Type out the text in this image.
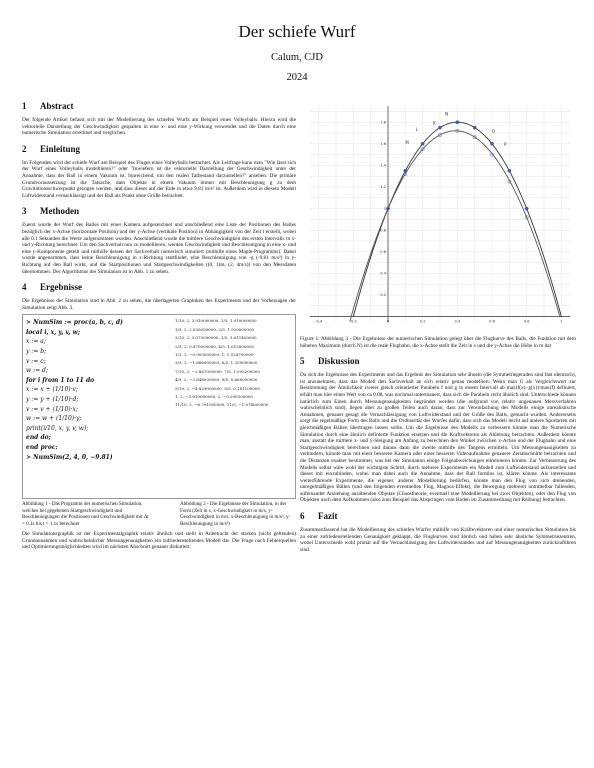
Der schiefe Wurf
Calum, CJD
2024
1 Abstract

Der folgende Artikel befasst sich mit der Modellierung des schiefen Wurfs am Beispiel eines Volleyballs. Hierzu wird die vektorielle Darstellung der Geschwindigkeit gespalten in eine x- und eine y-Wirkung verwendet und die Daten durch eine numerische Simulation errechnet und verglichen.

2 Einleitung

Im Folgenden wird der schiefe Wurf am Beispiel des Fluges eines Volleyballs betrachtet. Als Leitfrage kann man "Wie lässt sich der Wurf eines Volleyballs modellieren?" oder "Inwiefern ist die vektorielle Darstellung der Geschwindigkeit unter der Annahme, dass der Ball in einem Vakuum ist, hinreichend, um den realen Tatbestand darzustellen?" ansehen. Die primäre Grundvoraussetzung ist die Tatsache, dass Objekte in einem Vakuum immer mit Beschleunigung g zu dem Gravitationsschwerpunkt gezogen werden, und dass dieser auf der Erde in etwa 9.81 m/s² ist. Außerdem wird in diesem Modell Luftwiderstand vernachlässigt und der Ball als Punkt ohne Größe betrachtet.

3 Methoden

Zuerst wurde der Wurf des Balles mit einer Kamera aufgezeichnet und anschließend eine Liste der Positionen des Balles bezüglich der x-Achse (horizontale Position) und der y-Achse (vertikale Position) in Abhängigkeit von der Zeit t erstellt, wobei alle 0.1 Sekunden die Werte aufgenommen wurden. Anschließend wurde die mittlere Geschwindigkeit des ersten Intervalls in x- und y-Richtung berechnet. Um den Sachverhalt nun zu modellieren, werden Geschwindigkeit und Beschleunigung in eine x- und eine y-Komponente geteilt und mithilfe dessen der Sachverhalt numerisch simuliert (mithilfe eines Maple-Programms). Dabei wurde angenommen, dass keine Beschleunigung in x-Richtung stattfindet, eine Beschleunigung von -g (-9.81 m/s²) in y-Richtung auf den Ball wirkt, und die Startpositionen und Startgeschwindigkeiten ((0, 1)m, (2, 4m/s)) von den Messdaten übernommen. Der Algorithmus der Simulation ist in Abb. 1 zu sehen.

4 Ergebnisse

Die Ergebnisse der Simulation sind in Abb. 2 zu sehen, die überlagerten Graphiken des Experiments und der Vorhersagen der Simulation zeigt Abb. 3.

> NumSim := proc(a, b, c, d)
local i, x, y, v, w;
x := a;
y := b;
v := c;
w := d;
for i from 1 to 11 do
x := x + (1/10)·v;
y := y + (1/10)·d;
v := v + (1/10)·x;
w := w + (1/10)·y;
print(i/10, x, y, v, w);
end do;
end proc:
> NumSim(2, 4, 0, −9.81)
1/10, 2, 3.910000000, 1/5, 1.910000000
1/5, 2, 2.030000000, 2/5, 1.920000000
3/10, 2, 3.073000000, 3/5, 1.611400000
2/5, 2, 0.870000000, 4/5, 1.615000000
1/2, 2, −0.905000000, 1, 1.524700000
3/5, 2, −1.886000000, 6/5, 1.359000000
7/10, 2, −2.867000000, 7/5, 1.095200000
4/5, 2, −3.848000000, 8/5, 0.668000000
9/10, 2, −4.829000000, 9/5, 0.181100000
1, 2, −5.810000000, 2, −0.395300000
11/10, 2, −6.791000000, 11/5, −1.074600000
Abbildung 1 - Das Programm der numerischen Simulation, welches bei gegebenen Startgeschwindigkeit und Beschleunigungen die Positionen und Geschwindigkeit mit Δt = 0.1s bis t = 1.1s berechnet
Abbildung 2 - Die Ergebnisse der Simulation, in der Form (Zeit in s, x-Geschwindigkeit in m/s, y-Geschwindigkeit in m/s, x-Beschleunigung in m/s², y-Beschleunigung in m/s²)

Die Simulationsgraphik ist der Experimentalgraphik relativ ähnlich und stellt in Anbetracht der starken (nicht geltenden) Grundannahmen und wahrscheinlicher Messungenauigkeiten ein zufriedenstellendes Modell dar. Die Frage nach Fehlerquellen und Optimierungsmöglichkeiten wird im nächsten Abschnitt genauer diskutiert.

-0.4	-0.2	0	0.2	0.4	0.6	0.8	1
0.2
0.4
0.6
0.8
1
1.2
1.4
1.6
1.8
N
K
L
M
O
P

Figure 1: Abbildung 3 - Die Ergebnisse der numerischen Simulation gelegt über die Flugkurve des Balls, die Funktion mit dem höheren Maximum (durch N) ist die reale Flugbahn, die x-Achse stellt die Zeit in s und die y-Achse die Höhe in m dar

5 Diskussion

Da sich die Ergebnisse des Experiments und das Ergebnis der Simulation sehr ähneln (die Symmetriegeraden sind fast identisch), ist anzunehmen, dass das Modell den Sachverhalt an sich relativ genau modelliert. Wenn man G als Vergleichswert zur Bestimmung der Ähnlichkeit zweier gleich orientierter Parabeln f und g in einem Intervall ab max(f(x)−g(x))/max(f) definiert, erhält man hier einen Wert von ca 0.08, was nochmal untermauert, dass sich die Parabeln recht ähnlich sind. Unterschiede können natürlich zum Einen durch Messungenauigkeiten begründet werden (die aufgrund von relativ ungenauen Messverfahren wahrscheinlich sind), liegen aber zu großen Teilen auch daran, dass zur Vereinfachung des Modells einige unrealistische Annahmen, genauer gesagt die Vernachlässigung von Luftwiderstand und der Größe des Balls, gemacht wurden. Andererseits sorgt die regelmäßige Form des Balls und die Ordinarität des Wurfes dafür, dass sich das Modell leicht auf andere Sportarten mit gleichmäßigen Bällen übertragen lassen sollte. Um die Ergebnisse des Modells zu verbessern könnte man die Numerische Simulation durch eine ähnlich definierte Funktion ersetzen und die Kraftvektoren als Ableitung betrachten. Außerdem könnte man, anstatt die mittlere x- und y-Steigung am Anfang zu berechnen den Winkel zwischen x-Achse und der Flugbahn und eine Startgeschwindigkeit berechnen und daraus dann die zweite mithilfe des Tangens ermitteln. Um Messungenauigkeiten zu verhindern, könnte man mit einer besseren Kamera oder einer besseren Videoaufnahme genauere Zeitabschnitte betrachten und die Distanzen exakter bestimmen, was bei der Simulation einige Folgeabweichungen eliminieren könnte. Zur Verbesserung des Modells selbst wäre wohl der wichtigste Schritt, durch mehrere Experimente ein Modell zum Luftwiderstand aufzustellen und dieses mit einzubinden, wobei man dabei auch die Annahme, dass der Ball formlos ist, klären könnte. Als interessante weiterführende Experimente, die eigener, anderer Modellierung bedürfen, könnte man den Flug von sich drehenden, unregelmäßigen Bällen (und den folgenden eventuellen Flug, Magnus-Effekt), die Bewegung mehrerer unmittelbar fallenden, aufeinander Anziehung ausübenden Objekte (Chaostheorie, eventuell eine Modellierung bei zwei Objekten), oder den Flug von Objekten nach dem Aufkommen (also zum Beispiel das Abspringen vom Boden im Zusammenhang mit Reibung) betrachten.

6 Fazit

Zusammenfassend hat die Modellierung des schiefen Wurfes mithilfe von Kräftevektoren und einer numerischen Simulation bis zu einer zufriedenstellenden Genauigkeit geklappt, die Flugkurven sind ähnlich und haben sehr ähnliche Symmetriezentren, wobei Unterschiede wohl primär auf die Vernachlässigung des Luftwiderstandes und auf Messungenauigkeiten zurückzuführen sind.
